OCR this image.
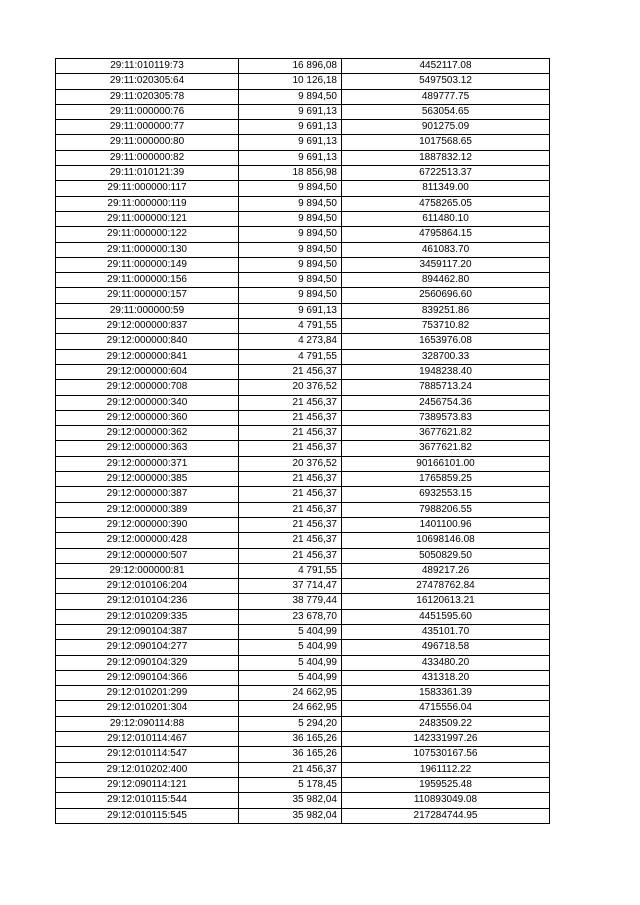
29:11:010119:73	16 896,08	4452117.08
29:11:020305:64	10 126,18	5497503.12
29:11:020305:78	9 894,50	489777.75
29:11:000000:76	9 691,13	563054.65
29:11:000000:77	9 691,13	901275.09
29:11:000000:80	9 691,13	1017568.65
29:11:000000:82	9 691,13	1887832.12
29:11:010121:39	18 856,98	6722513.37
29:11:000000:117	9 894,50	811349.00
29:11:000000:119	9 894,50	4758265.05
29:11:000000:121	9 894,50	611480.10
29:11:000000:122	9 894,50	4795864.15
29:11:000000:130	9 894,50	461083.70
29:11:000000:149	9 894,50	3459117.20
29:11:000000:156	9 894,50	894462.80
29:11:000000:157	9 894,50	2560696.60
29:11:000000:59	9 691,13	839251.86
29:12:000000:837	4 791,55	753710.82
29:12:000000:840	4 273,84	1653976.08
29:12:000000:841	4 791,55	328700.33
29:12:000000:604	21 456,37	1948238.40
29:12:000000:708	20 376,52	7885713.24
29:12:000000:340	21 456,37	2456754.36
29:12:000000:360	21 456,37	7389573.83
29:12:000000:362	21 456,37	3677621.82
29:12:000000:363	21 456,37	3677621.82
29:12:000000:371	20 376,52	90166101.00
29:12:000000:385	21 456,37	1765859.25
29:12:000000:387	21 456,37	6932553.15
29:12:000000:389	21 456,37	7988206.55
29:12:000000:390	21 456,37	1401100.96
29:12:000000:428	21 456,37	10698146.08
29:12:000000:507	21 456,37	5050829.50
29:12:000000:81	4 791,55	489217.26
29:12:010106:204	37 714,47	27478762.84
29:12:010104:236	38 779,44	16120613.21
29:12:010209:335	23 678,70	4451595.60
29:12:090104:387	5 404,99	435101.70
29:12:090104:277	5 404,99	496718.58
29:12:090104:329	5 404,99	433480.20
29:12:090104:366	5 404,99	431318.20
29:12:010201:299	24 662,95	1583361.39
29:12:010201:304	24 662,95	4715556.04
29:12:090114:88	5 294,20	2483509.22
29:12:010114:467	36 165,26	142331997.26
29:12:010114:547	36 165,26	107530167.56
29:12:010202:400	21 456,37	1961112.22
29:12:090114:121	5 178,45	1959525.48
29:12:010115:544	35 982,04	110893049.08
29:12:010115:545	35 982,04	217284744.95
